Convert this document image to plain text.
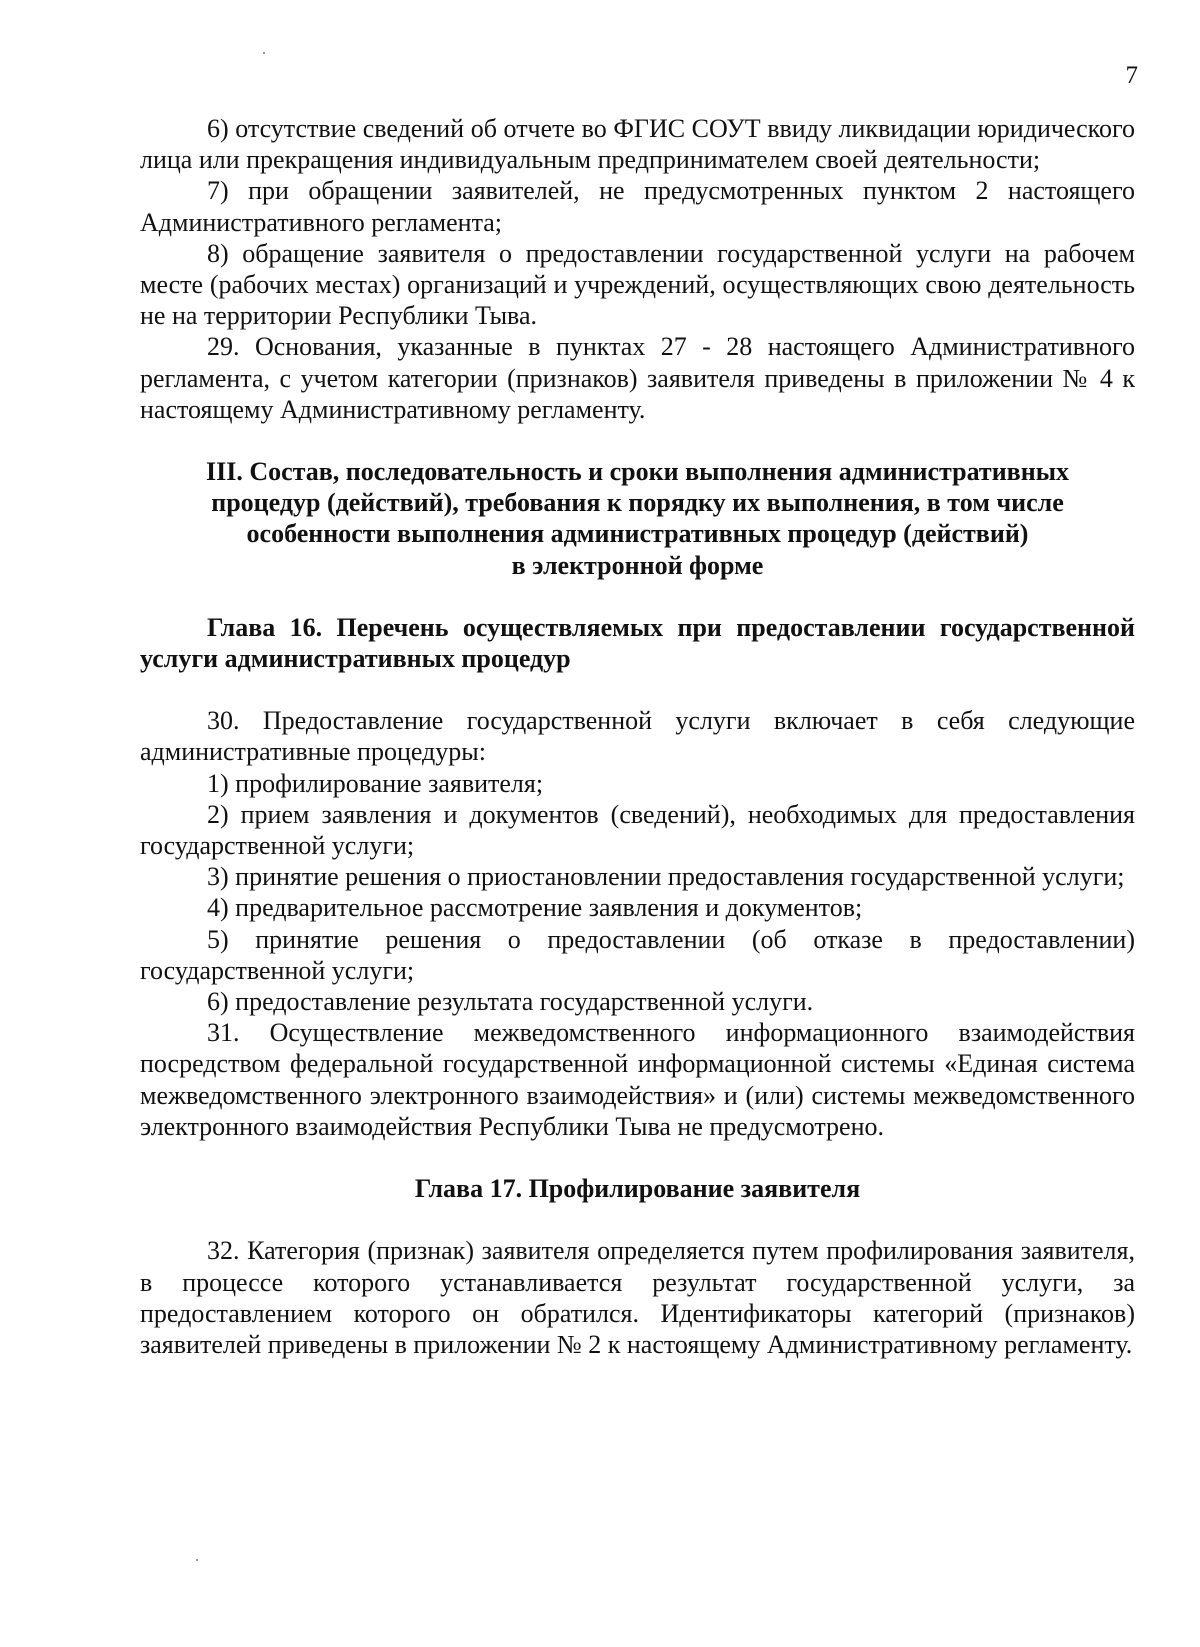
7

6) отсутствие сведений об отчете во ФГИС СОУТ ввиду ликвидации юридического лица или прекращения индивидуальным предпринимателем своей деятельности;

7) при обращении заявителей, не предусмотренных пунктом 2 настоящего Административного регламента;

8) обращение заявителя о предоставлении государственной услуги на рабочем месте (рабочих местах) организаций и учреждений, осуществляющих свою деятельность не на территории Республики Тыва.

29. Основания, указанные в пунктах 27 - 28 настоящего Административного регламента, с учетом категории (признаков) заявителя приведены в приложении № 4 к настоящему Административному регламенту.

III. Состав, последовательность и сроки выполнения административных
процедур (действий), требования к порядку их выполнения, в том числе
особенности выполнения административных процедур (действий)
в электронной форме
Глава 16. Перечень осуществляемых при предоставлении государственной услуги административных процедур

30. Предоставление государственной услуги включает в себя следующие административные процедуры:

1) профилирование заявителя;

2) прием заявления и документов (сведений), необходимых для предоставления государственной услуги;

3) принятие решения о приостановлении предоставления государственной услуги;

4) предварительное рассмотрение заявления и документов;

5) принятие решения о предоставлении (об отказе в предоставлении) государственной услуги;

6) предоставление результата государственной услуги.

31. Осуществление межведомственного информационного взаимодействия посредством федеральной государственной информационной системы «Единая система межведомственного электронного взаимодействия» и (или) системы межведомственного электронного взаимодействия Республики Тыва не предусмотрено.

Глава 17. Профилирование заявителя

32. Категория (признак) заявителя определяется путем профилирования заявителя, в процессе которого устанавливается результат государственной услуги, за предоставлением которого он обратился. Идентификаторы категорий (признаков) заявителей приведены в приложении № 2 к настоящему Административному регламенту.
